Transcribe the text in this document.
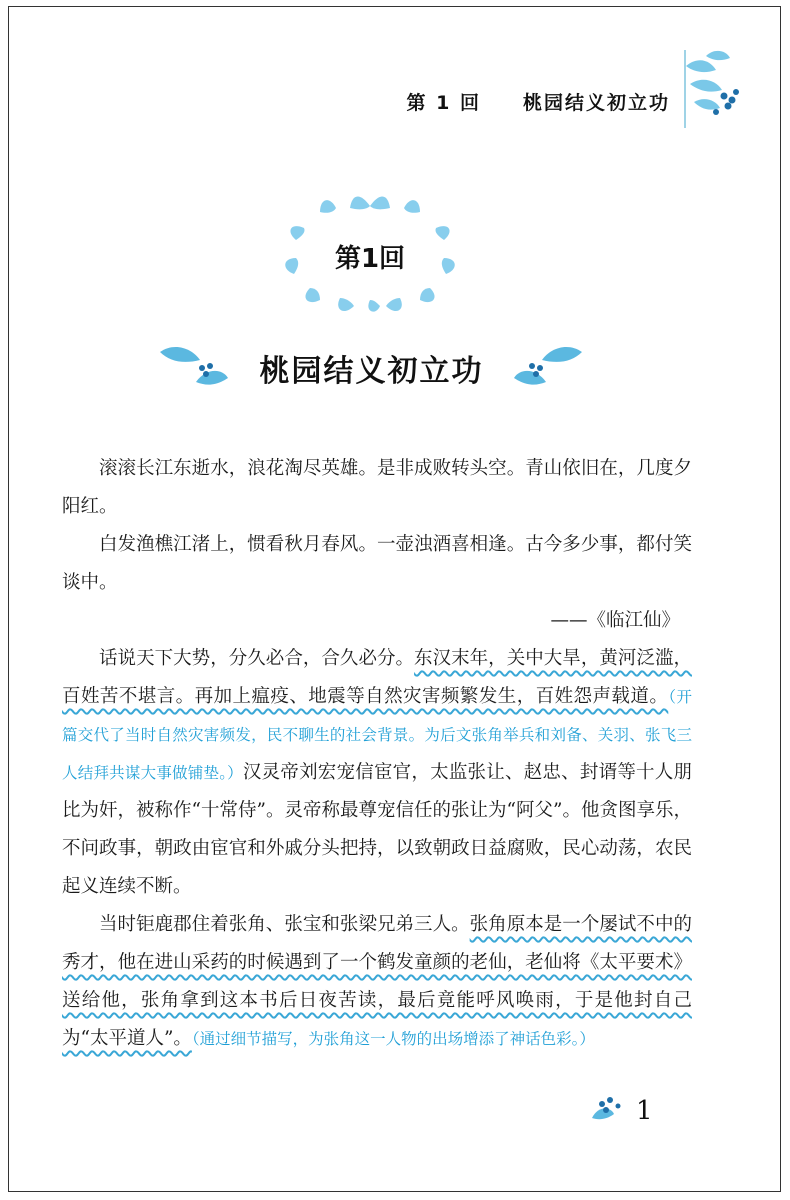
第 1 回 桃园结义初立功
第1回
桃园结义初立功

滚滚长江东逝水，浪花淘尽英雄。是非成败转头空。青山依旧在，几度夕阳红。

白发渔樵江渚上，惯看秋月春风。一壶浊酒喜相逢。古今多少事，都付笑谈中。

——《临江仙》

话说天下大势，分久必合，合久必分。东汉末年，关中大旱，黄河泛滥，百姓苦不堪言。再加上瘟疫、地震等自然灾害频繁发生，百姓怨声载道。（开篇交代了当时自然灾害频发，民不聊生的社会背景。为后文张角举兵和刘备、关羽、张飞三人结拜共谋大事做铺垫。）汉灵帝刘宏宠信宦官，太监张让、赵忠、封谞等十人朋比为奸，被称作“十常侍”。灵帝称最尊宠信任的张让为“阿父”。他贪图享乐，不问政事，朝政由宦官和外戚分头把持，以致朝政日益腐败，民心动荡，农民起义连续不断。

当时钜鹿郡住着张角、张宝和张梁兄弟三人。张角原本是一个屡试不中的秀才，他在进山采药的时候遇到了一个鹤发童颜的老仙，老仙将《太平要术》送给他，张角拿到这本书后日夜苦读，最后竟能呼风唤雨，于是他封自己为“太平道人”。（通过细节描写，为张角这一人物的出场增添了神话色彩。）

1
